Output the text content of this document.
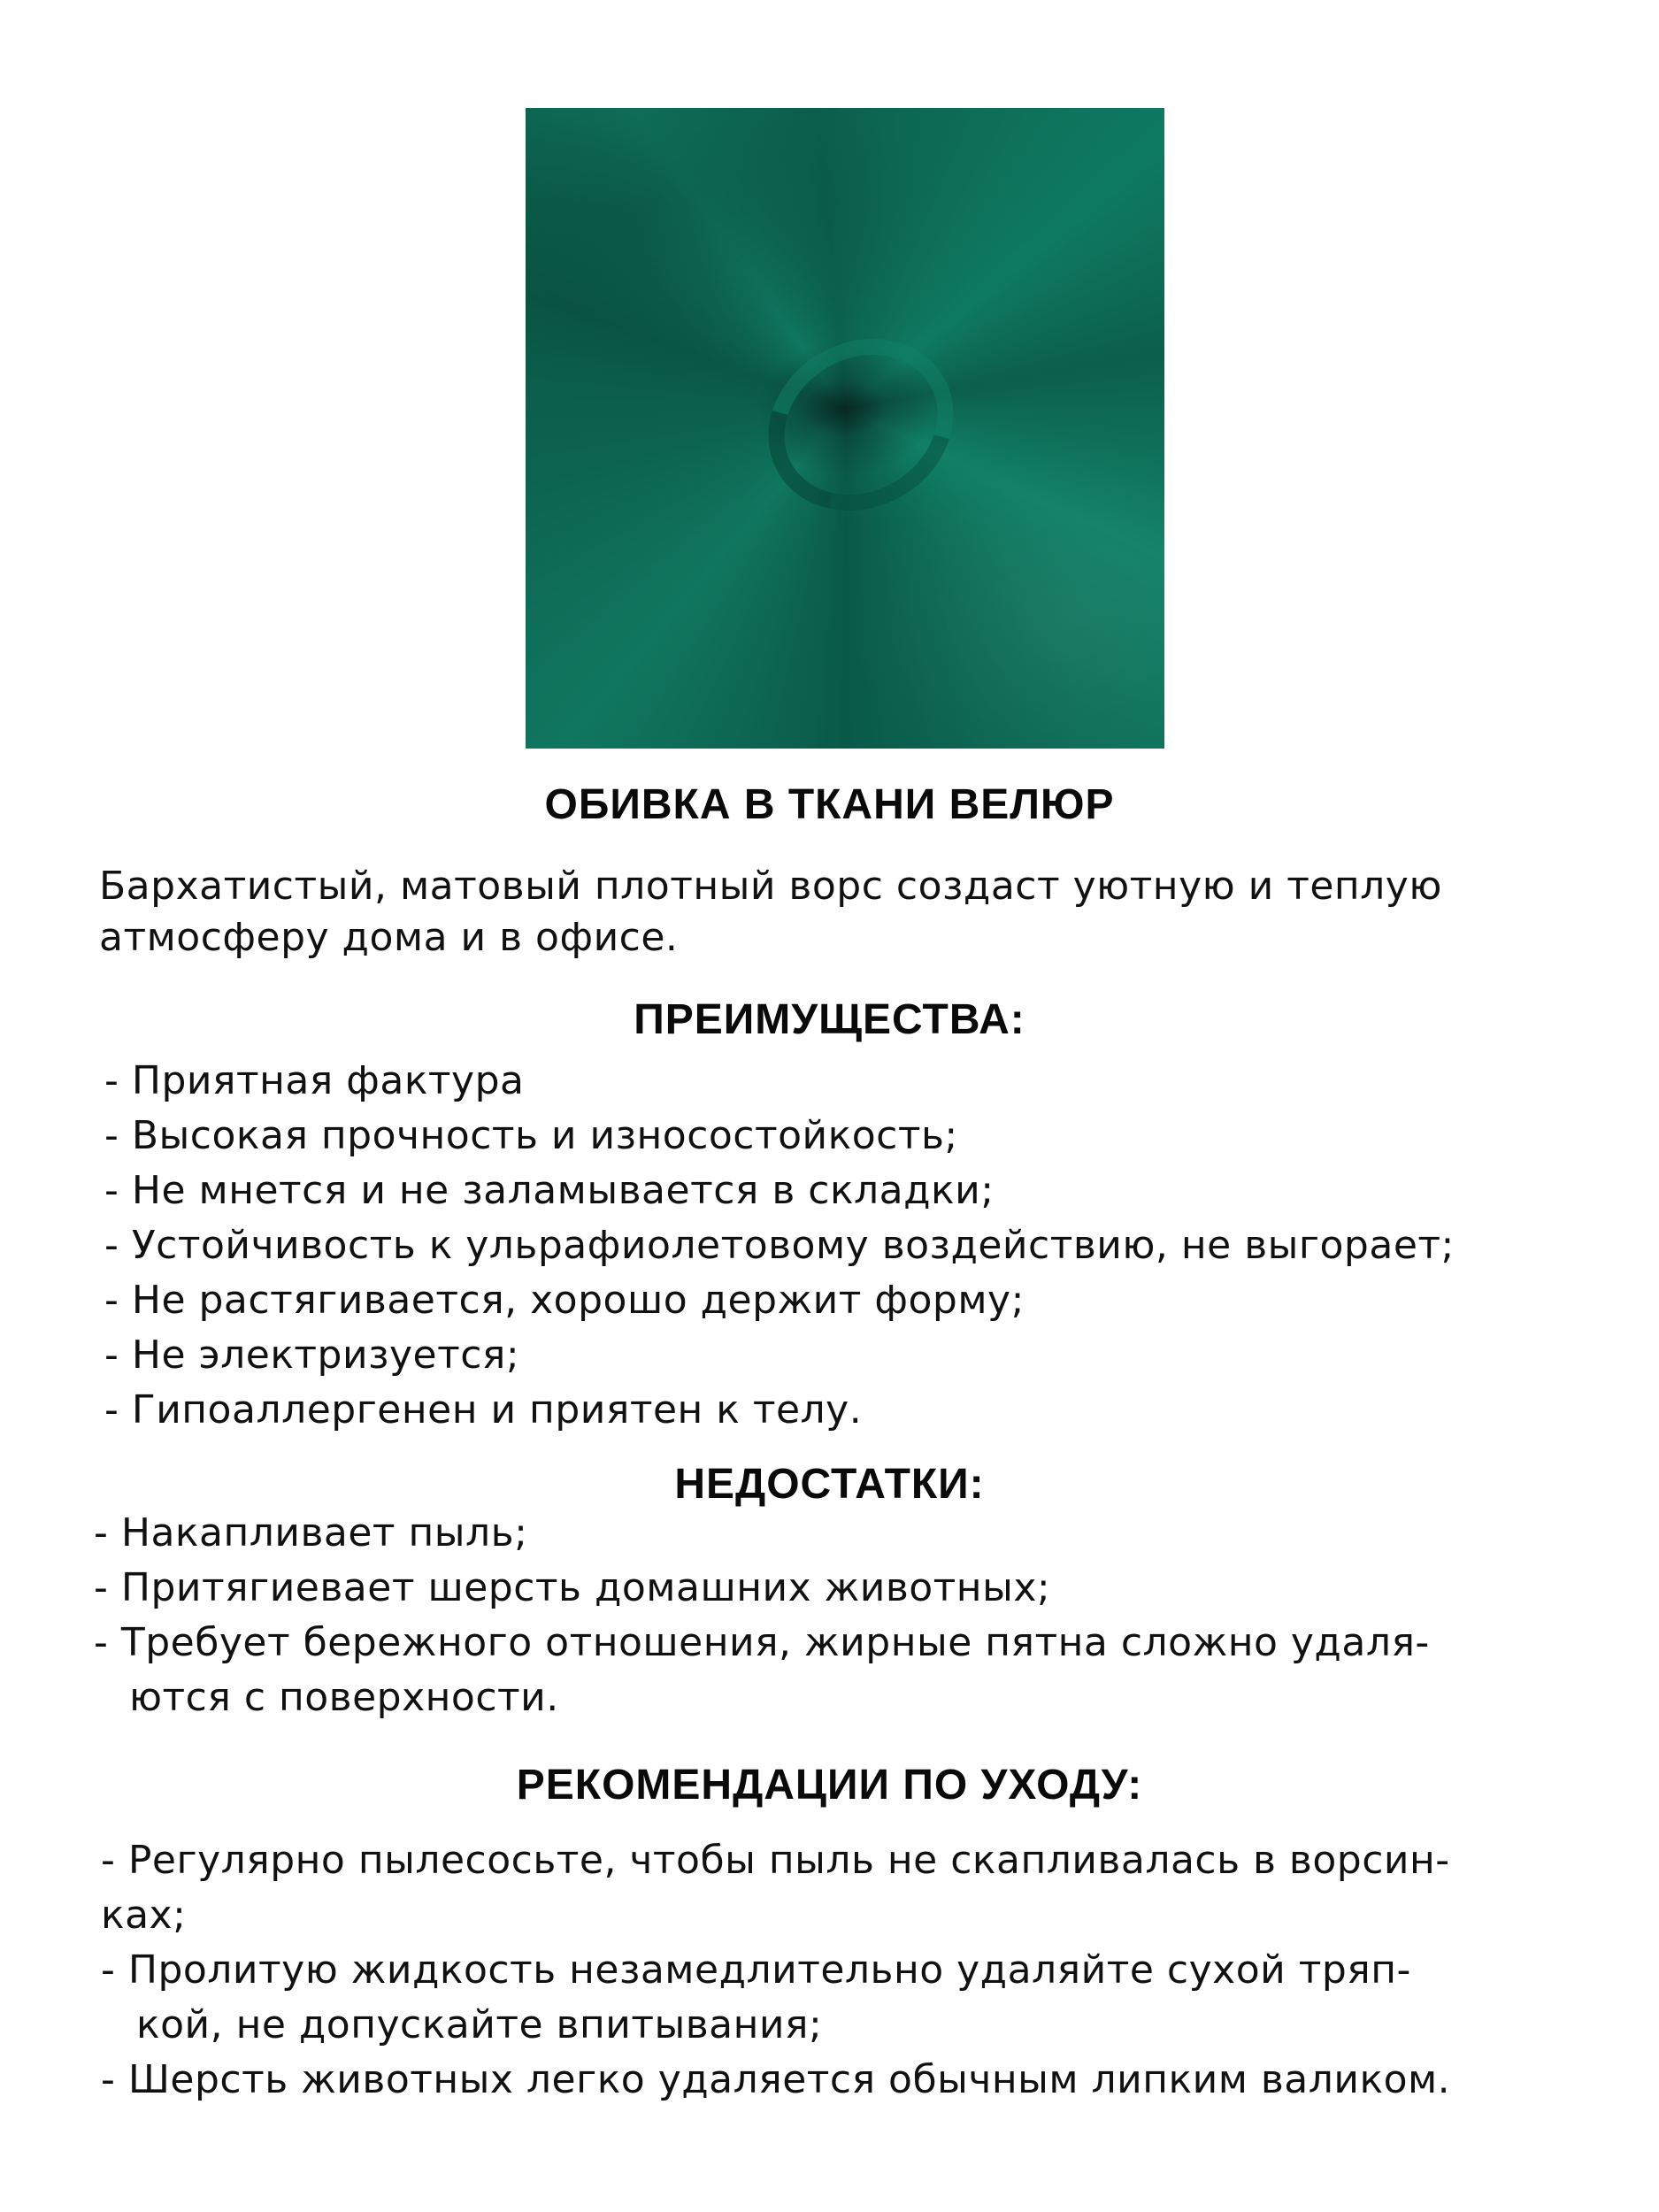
ОБИВКА В ТКАНИ ВЕЛЮР
Бархатистый, матовый плотный ворс создаст уютную и теплую
атмосферу дома и в офисе.
ПРЕИМУЩЕСТВА:
- Приятная фактура
- Высокая прочность и износостойкость;
- Не мнется и не заламывается в складки;
- Устойчивость к ульрафиолетовому воздействию, не выгорает;
- Не растягивается, хорошо держит форму;
- Не электризуется;
- Гипоаллергенен и приятен к телу.
НЕДОСТАТКИ:
- Накапливает пыль;
- Притягиевает шерсть домашних животных;
- Требует бережного отношения, жирные пятна сложно удаля-
ются с поверхности.
РЕКОМЕНДАЦИИ ПО УХОДУ:
- Регулярно пылесосьте, чтобы пыль не скапливалась в ворсин-
ках;
- Пролитую жидкость незамедлительно удаляйте сухой тряп-
кой, не допускайте впитывания;
- Шерсть животных легко удаляется обычным липким валиком.
